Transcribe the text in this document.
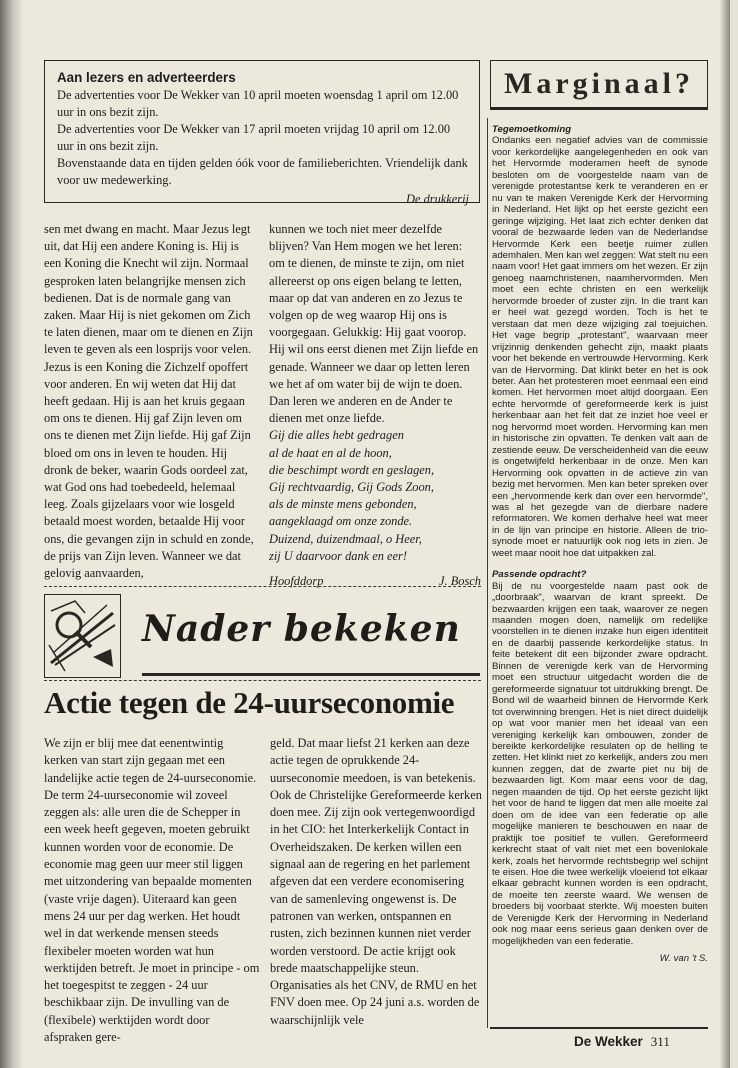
Aan lezers en adverteerders
De advertenties voor De Wekker van 10 april moeten woensdag 1 april om 12.00 uur in ons bezit zijn.
De advertenties voor De Wekker van 17 april moeten vrijdag 10 april om 12.00 uur in ons bezit zijn.
Bovenstaande data en tijden gelden óók voor de familieberichten. Vriendelijk dank voor uw medewerking.
De drukkerij
Marginaal?
Tegemoetkoming

Ondanks een negatief advies van de commissie voor kerkordelijke aangelegenheden en ook van het Hervormde moderamen heeft de synode besloten om de voorgestelde naam van de verenigde protestantse kerk te veranderen en er nu van te maken Verenigde Kerk der Hervorming in Nederland. Het lijkt op het eerste gezicht een geringe wijziging. Het laat zich echter denken dat vooral de bezwaarde leden van de Nederlandse Hervormde Kerk een beetje ruimer zullen ademhalen. Men kan wel zeggen: Wat stelt nu een naam voor! Het gaat immers om het wezen. Er zijn genoeg naamchristenen, naamhervormden. Men moet een echte christen en een werkelijk hervormde broeder of zuster zijn. In die trant kan er heel wat gezegd worden. Toch is het te verstaan dat men deze wijziging zal toejuichen. Het vage begrip „protestant", waarvaan meer vrijzinnig denkenden gehecht zijn, maakt plaats voor het bekende en vertrouwde Hervorming. Kerk van de Hervorming. Dat klinkt beter en het is ook beter. Aan het protesteren moet eenmaal een eind komen. Het hervormen moet altijd doorgaan. Een echte hervormde of gereformeerde kerk is juist herkenbaar aan het feit dat ze inziet hoe veel er nog hervormd moet worden. Hervorming kan men in historische zin opvatten. Te denken valt aan de zestiende eeuw. De verscheidenheid van die eeuw is ongetwijfeld herkenbaar in de onze. Men kan Hervorming ook opvatten in de actieve zin van bezig met hervormen. Men kan beter spreken over een „hervormende kerk dan over een hervormde", was al het gezegde van de dierbare nadere reformatoren. We komen derhalve heel wat meer in de lijn van principe en historie. Alleen de trio-synode moet er natuurlijk ook nog iets in zien. Je weet maar nooit hoe dat uitpakken zal.

Passende opdracht?

Bij de nu voorgestelde naam past ook de „doorbraak", waarvan de krant spreekt. De bezwaarden krijgen een taak, waarover ze negen maanden mogen doen, namelijk om redelijke voorstellen in te dienen inzake hun eigen identiteit en de daarbij passende kerkordelijke status. In feite betekent dit een bijzonder zware opdracht. Binnen de verenigde kerk van de Hervorming moet een structuur uitgedacht worden die de gereformeerde signatuur tot uitdrukking brengt. De Bond wil de waarheid binnen de Hervormde Kerk tot overwinning brengen. Het is niet direct duidelijk op wat voor manier men het ideaal van een vereniging kerkelijk kan ombouwen, zonder de bereikte kerkordelijke resulaten op de helling te zetten. Het klinkt niet zo kerkelijk, anders zou men kunnen zeggen, dat de zwarte piet nu bij de bezwaarden ligt. Kom maar eens voor de dag, negen maanden de tijd. Op het eerste gezicht lijkt het voor de hand te liggen dat men alle moeite zal doen om de idee van een federatie op alle mogelijke manieren te beschouwen en naar de praktijk toe positief te vullen. Gereformeerd kerkrecht staat of valt niet met een bovenlokale kerk, zoals het hervormde rechtsbegrip wel schijnt te eisen. Hoe die twee werkelijk vloeiend tot elkaar elkaar gebracht kunnen worden is een opdracht, de moeite ten zeerste waard. We wensen de broeders bij voorbaat sterkte. Wij moesten buiten de Verenigde Kerk der Hervorming in Nederland ook nog maar eens serieus gaan denken over de mogelijkheden van een federatie.

W. van 't S.
sen met dwang en macht. Maar Jezus legt uit, dat Hij een andere Koning is. Hij is een Koning die Knecht wil zijn. Normaal gesproken laten belangrijke mensen zich bedienen. Dat is de normale gang van zaken. Maar Hij is niet gekomen om Zich te laten dienen, maar om te dienen en Zijn leven te geven als een losprijs voor velen. Jezus is een Koning die Zichzelf opoffert voor anderen. En wij weten dat Hij dat heeft gedaan. Hij is aan het kruis gegaan om ons te dienen. Hij gaf Zijn leven om ons te dienen met Zijn liefde. Hij gaf Zijn bloed om ons in leven te houden. Hij dronk de beker, waarin Gods oordeel zat, wat God ons had toebedeeld, helemaal leeg. Zoals gijzelaars voor wie losgeld betaald moest worden, betaalde Hij voor ons, die gevangen zijn in schuld en zonde, de prijs van Zijn leven. Wanneer we dat gelovig aanvaarden,
kunnen we toch niet meer dezelfde blijven? Van Hem mogen we het leren: om te dienen, de minste te zijn, om niet allereerst op ons eigen belang te letten, maar op dat van anderen en zo Jezus te volgen op de weg waarop Hij ons is voorgegaan. Gelukkig: Hij gaat voorop. Hij wil ons eerst dienen met Zijn liefde en genade. Wanneer we daar op letten leren we het af om water bij de wijn te doen. Dan leren we anderen en de Ander te dienen met onze liefde.
Gij die alles hebt gedragen
al de haat en al de hoon,
die beschimpt wordt en geslagen,
Gij rechtvaardig, Gij Gods Zoon,
als de minste mens gebonden,
aangeklaagd om onze zonde.
Duizend, duizendmaal, o Heer,
zij U daarvoor dank en eer!
Hoofddorp	J. Bosch
Nader bekeken
Actie tegen de 24-uurseconomie
We zijn er blij mee dat eenentwintig kerken van start zijn gegaan met een landelijke actie tegen de 24-uurseconomie. De term 24-uurseconomie wil zoveel zeggen als: alle uren die de Schepper in een week heeft gegeven, moeten gebruikt kunnen worden voor de economie. De economie mag geen uur meer stil liggen met uitzondering van bepaalde momenten (vaste vrije dagen). Uiteraard kan geen mens 24 uur per dag werken. Het houdt wel in dat werkende mensen steeds flexibeler moeten worden wat hun werktijden betreft. Je moet in principe - om het toegespitst te zeggen - 24 uur beschikbaar zijn. De invulling van de (flexibele) werktijden wordt door afspraken gere-
geld. Dat maar liefst 21 kerken aan deze actie tegen de oprukkende 24-uurseconomie meedoen, is van betekenis. Ook de Christelijke Gereformeerde kerken doen mee. Zij zijn ook vertegenwoordigd in het CIO: het Interkerkelijk Contact in Overheidszaken. De kerken willen een signaal aan de regering en het parlement afgeven dat een verdere economisering van de samenleving ongewenst is. De patronen van werken, ontspannen en rusten, zich bezinnen kunnen niet verder worden verstoord. De actie krijgt ook brede maatschappelijke steun. Organisaties als het CNV, de RMU en het FNV doen mee. Op 24 juni a.s. worden de waarschijnlijk vele
De Wekker 311
